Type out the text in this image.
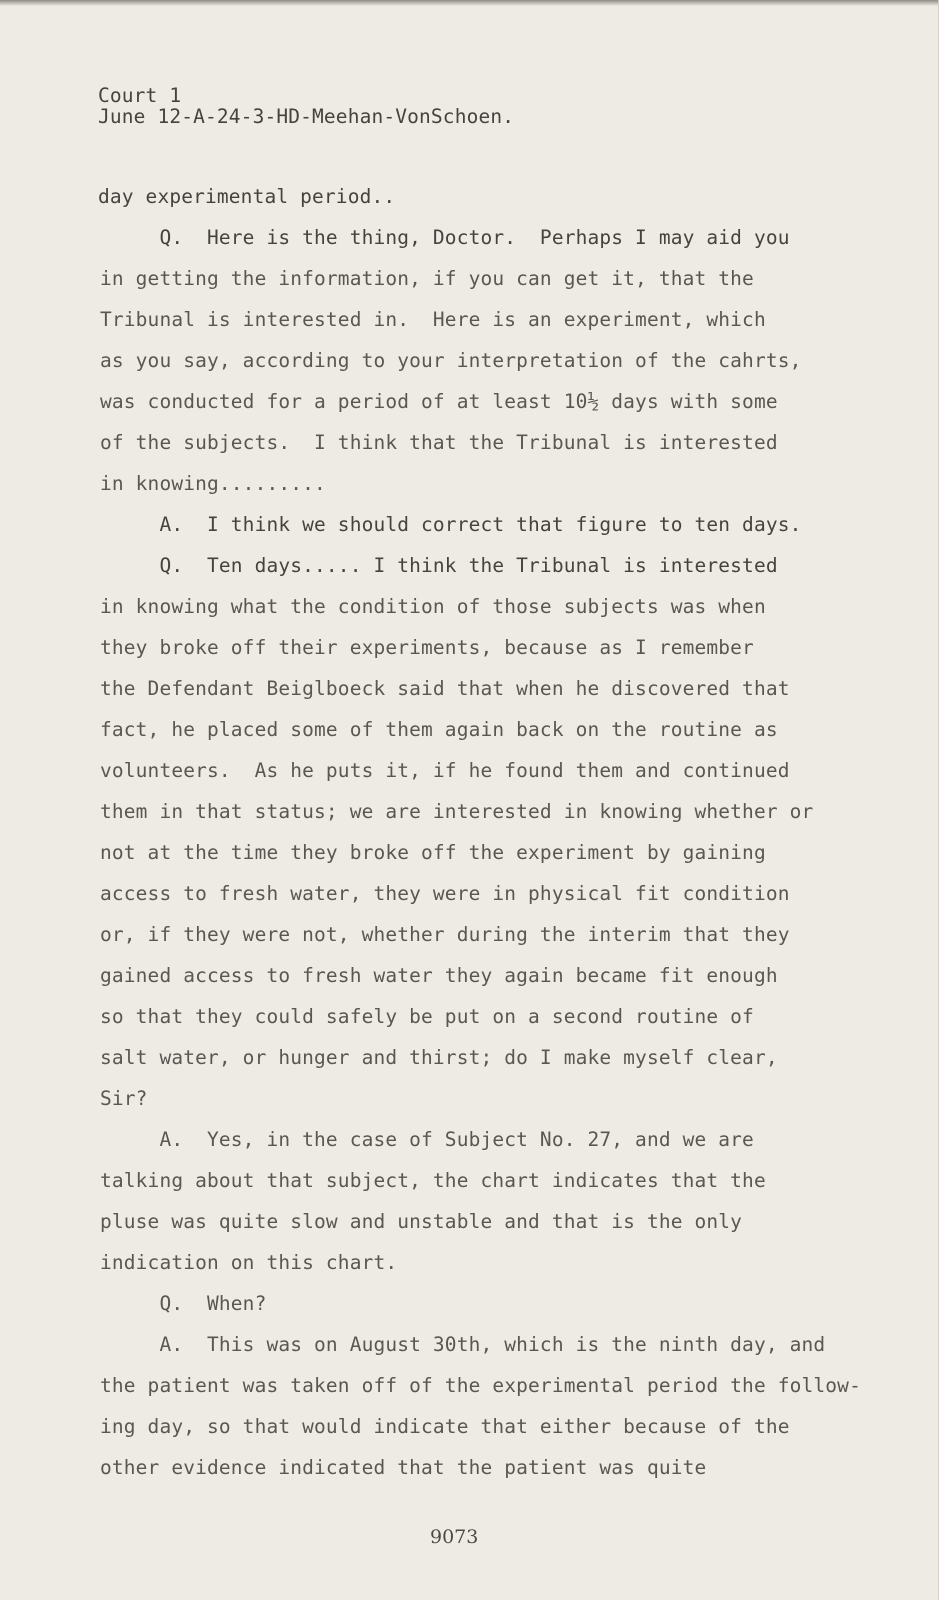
Court 1
June 12-A-24-3-HD-Meehan-VonSchoen.
day experimental period..
Q.  Here is the thing, Doctor.  Perhaps I may aid you
in getting the information, if you can get it, that the
Tribunal is interested in.  Here is an experiment, which
as you say, according to your interpretation of the cahrts,
was conducted for a period of at least 10½ days with some
of the subjects.  I think that the Tribunal is interested
in knowing.........
A.  I think we should correct that figure to ten days.
Q.  Ten days..... I think the Tribunal is interested
in knowing what the condition of those subjects was when
they broke off their experiments, because as I remember
the Defendant Beiglboeck said that when he discovered that
fact, he placed some of them again back on the routine as
volunteers.  As he puts it, if he found them and continued
them in that status; we are interested in knowing whether or
not at the time they broke off the experiment by gaining
access to fresh water, they were in physical fit condition
or, if they were not, whether during the interim that they
gained access to fresh water they again became fit enough
so that they could safely be put on a second routine of
salt water, or hunger and thirst; do I make myself clear,
Sir?
A.  Yes, in the case of Subject No. 27, and we are
talking about that subject, the chart indicates that the
pluse was quite slow and unstable and that is the only
indication on this chart.
Q.  When?
A.  This was on August 30th, which is the ninth day, and
the patient was taken off of the experimental period the follow-
ing day, so that would indicate that either because of the
other evidence indicated that the patient was quite
9073
